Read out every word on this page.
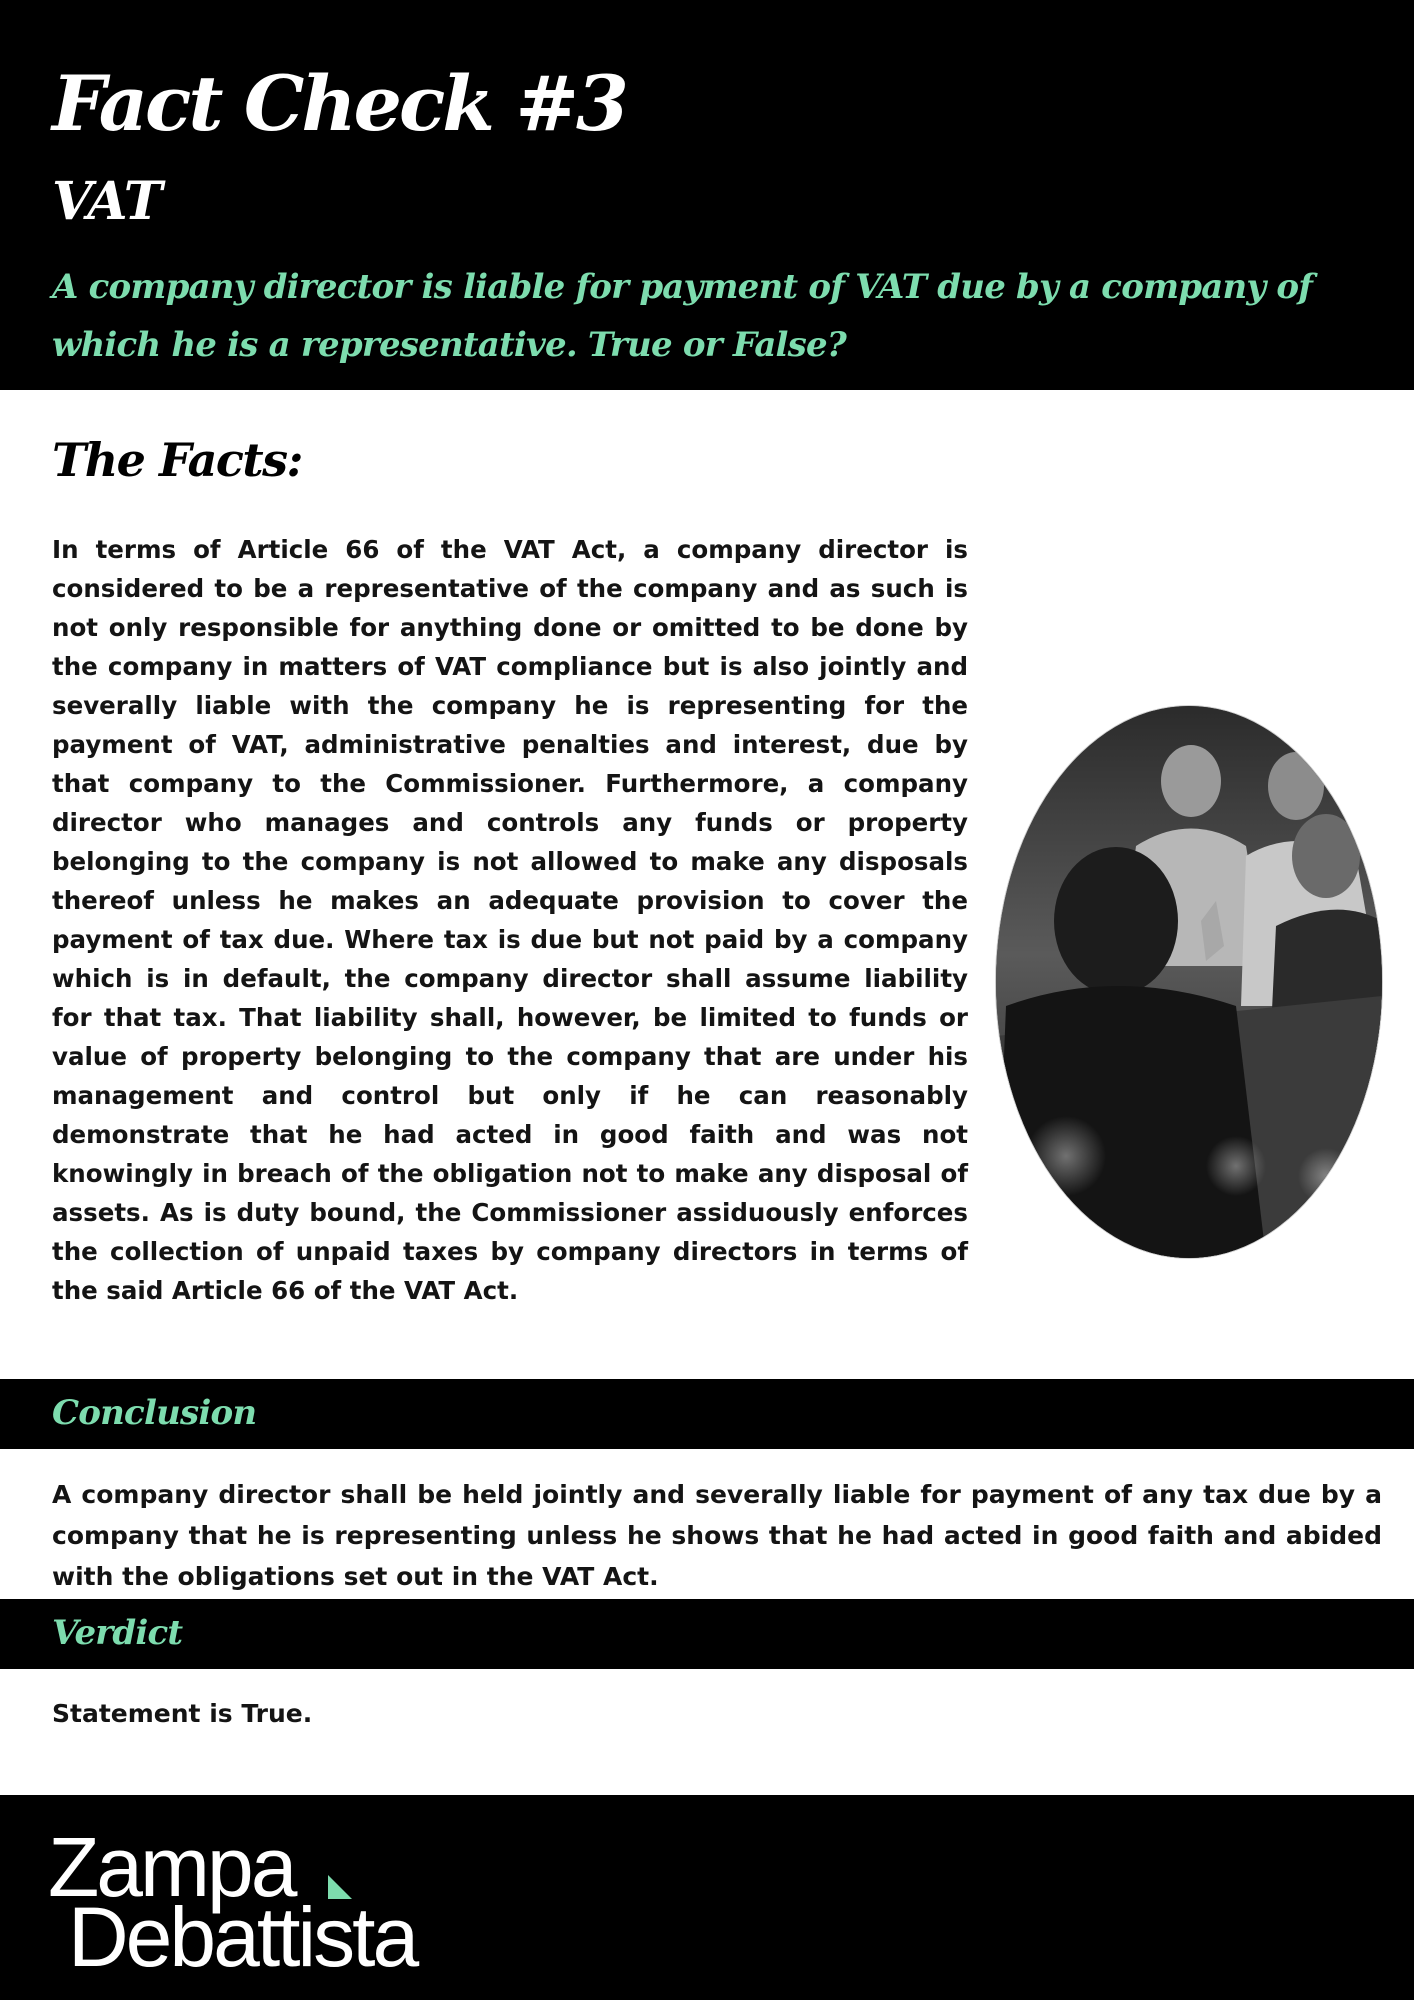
Fact Check #3
VAT

A company director is liable for payment of VAT due by a company of which he is a representative. True or False?

The Facts:

In terms of Article 66 of the VAT Act, a company director is considered to be a representative of the company and as such is not only responsible for anything done or omitted to be done by the company in matters of VAT compliance but is also jointly and severally liable with the company he is representing for the payment of VAT, administrative penalties and interest, due by that company to the Commissioner. Furthermore, a company director who manages and controls any funds or property belonging to the company is not allowed to make any disposals thereof unless he makes an adequate provision to cover the payment of tax due. Where tax is due but not paid by a company which is in default, the company director shall assume liability for that tax. That liability shall, however, be limited to funds or value of property belonging to the company that are under his management and control but only if he can reasonably demonstrate that he had acted in good faith and was not knowingly in breach of the obligation not to make any disposal of assets. As is duty bound, the Commissioner assiduously enforces the collection of unpaid taxes by company directors in terms of the said Article 66 of the VAT Act.

Conclusion

A company director shall be held jointly and severally liable for payment of any tax due by a company that he is representing unless he shows that he had acted in good faith and abided with the obligations set out in the VAT Act.

Verdict

Statement is True.

Zampa
Debattista
